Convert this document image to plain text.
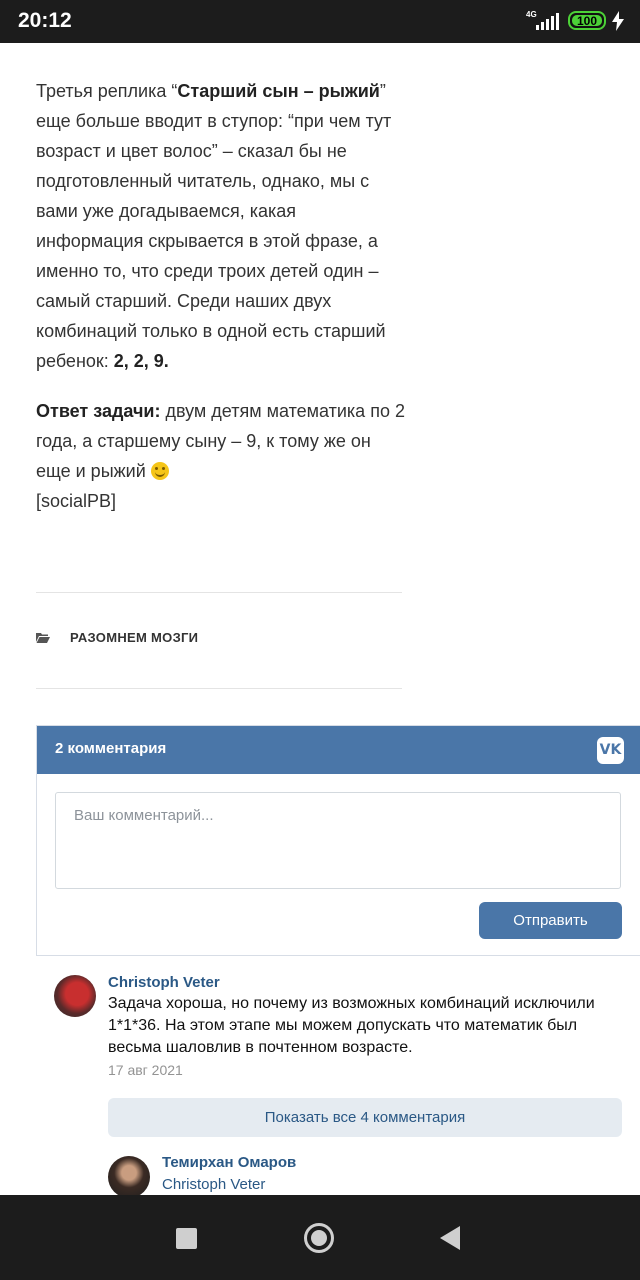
20:12	4G	100

Третья реплика “Старший сын – рыжий” еще больше вводит в ступор: “при чем тут возраст и цвет волос” – сказал бы не подготовленный читатель, однако, мы с вами уже догадываемся, какая информация скрывается в этой фразе, а именно то, что среди троих детей один – самый старший. Среди наших двух комбинаций только в одной есть старший ребенок: 2, 2, 9.

Ответ задачи: двум детям математика по 2 года, а старшему сыну – 9, к тому же он еще и рыжий
[socialPB]

РАЗОМНЕМ МОЗГИ
2 комментария	VK
Ваш комментарий...
Отправить
Christoph Veter
Задача хороша, но почему из возможных комбинаций исключили 1*1*36. На этом этапе мы можем допускать что математик был весьма шаловлив в почтенном возрасте.
17 авг 2021
Показать все 4 комментария
Темирхан Омаров
Christoph Veter
